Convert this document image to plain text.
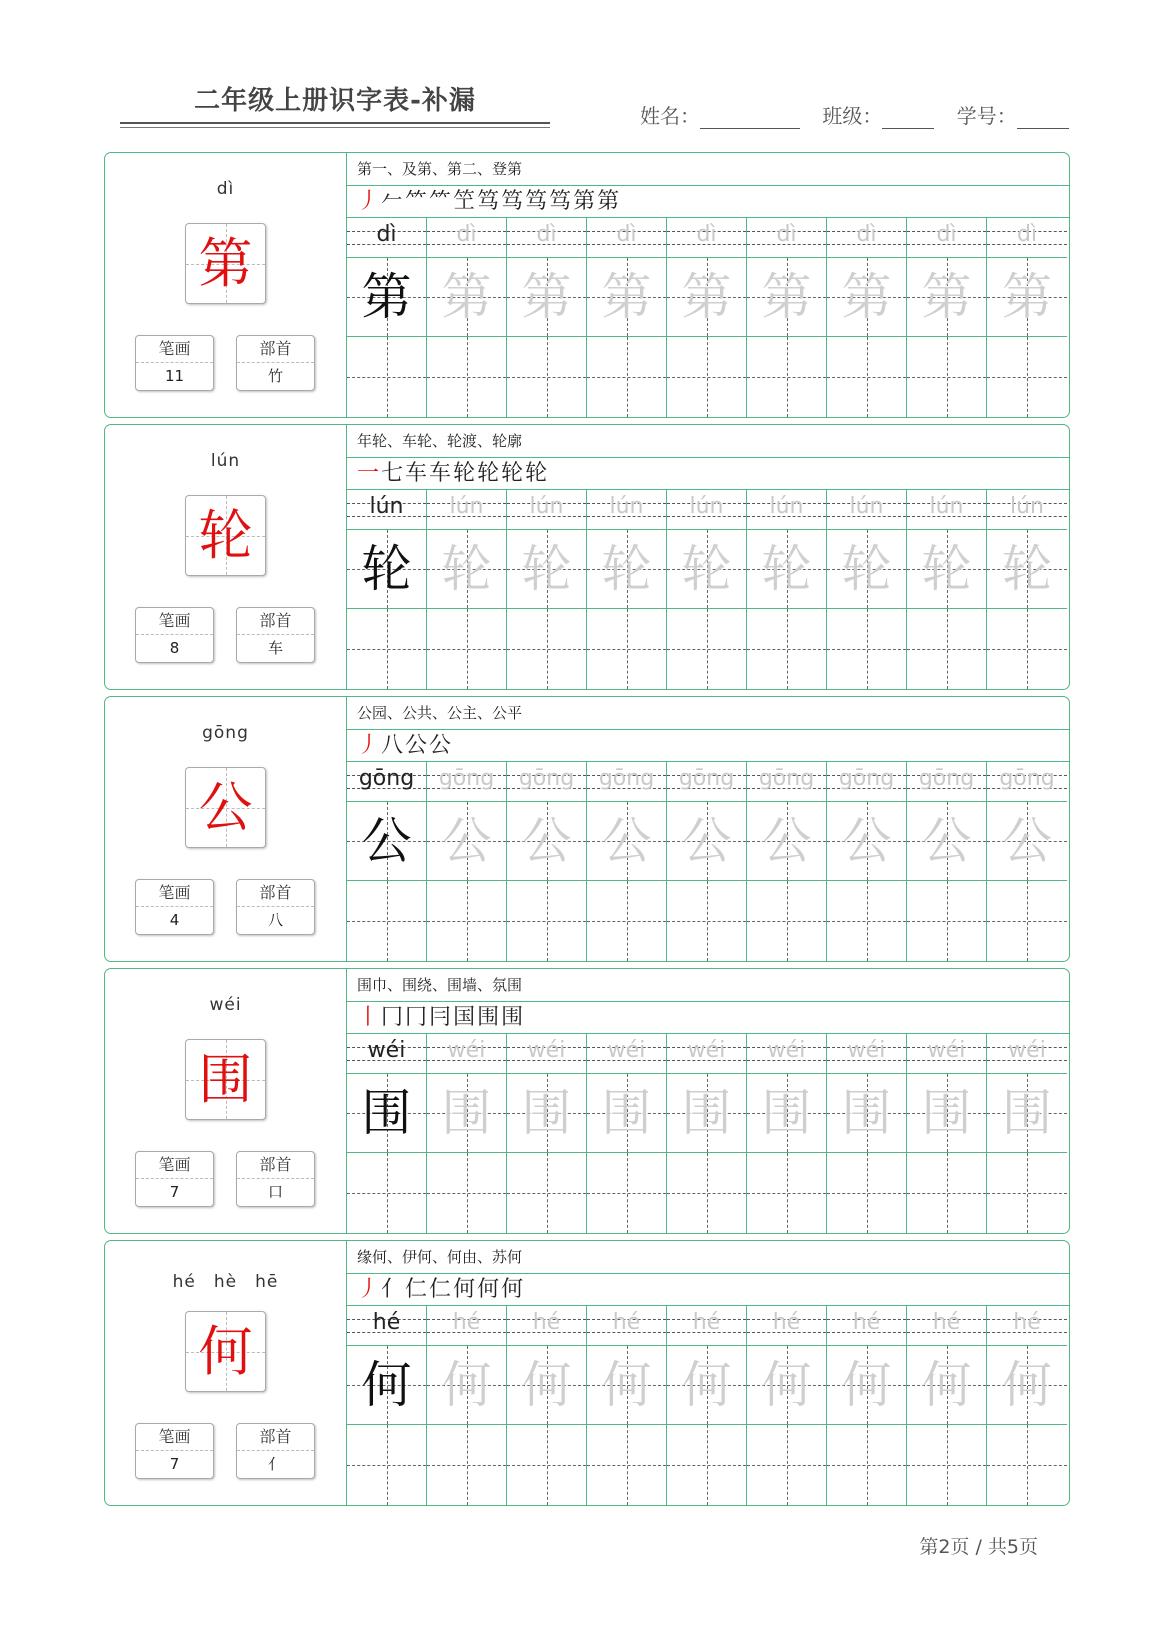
二年级上册识字表-补漏	姓名：	班级：	学号：
dì
第
笔画
11
部首
竹
第一、及第、第二、登第
丿𠂉⺮⺮笁笃笃笃笃第第
dì
第
dì
第
dì
第
dì
第
dì
第
dì
第
dì
第
dì
第
dì
第
lún
轮
笔画
8
部首
车
年轮、车轮、轮渡、轮廓
一七车车轮轮轮轮
lún
轮
lún
轮
lún
轮
lún
轮
lún
轮
lún
轮
lún
轮
lún
轮
lún
轮
gōng
公
笔画
4
部首
八
公园、公共、公主、公平
丿八公公
gōng
公
gōng
公
gōng
公
gōng
公
gōng
公
gōng
公
gōng
公
gōng
公
gōng
公
wéi
围
笔画
7
部首
口
围巾、围绕、围墙、氛围
丨冂冂冃国围围
wéi
围
wéi
围
wéi
围
wéi
围
wéi
围
wéi
围
wéi
围
wéi
围
wéi
围
hé　hè　hē
何
笔画
7
部首
亻
缘何、伊何、何由、苏何
丿亻仁仁何何何
hé
何
hé
何
hé
何
hé
何
hé
何
hé
何
hé
何
hé
何
hé
何
第2页 / 共5页
